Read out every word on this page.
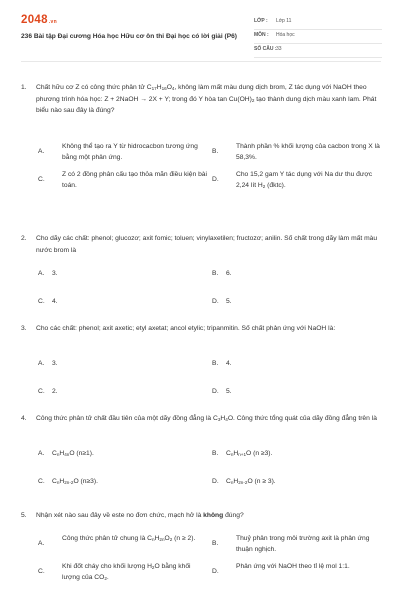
2048.vn
236 Bài tập Đại cương Hóa học Hữu cơ ôn thi Đại học có lời giải (P6)
LỚP : Lớp 11
MÔN : Hóa học
SỐ CÂU : 33
1. Chất hữu cơ Z có công thức phân tử $C_{17}H_{16}O_4$, không làm mất màu dung dịch brom, Z tác dụng với NaOH theo phương trình hóa học: Z + 2NaOH → 2X + Y; trong đó Y hòa $\tan Cu(OH)_2$ tạo thành dung dịch màu xanh lam. Phát biểu nào sau đây là đúng?
A.
Không thể tạo ra Y từ hidrocacbon tương ứng bằng một phản ứng.
B.
Thành phần % khối lượng của cacbon trong X là 58,3%.
C.
Z có 2 đồng phân cấu tạo thỏa mãn điều kiện bài toán.
D.
Cho 15,2 gam Y tác dụng với Na dư thu được 2,24 lít $H_2$ (đktc).
2. Cho dãy các chất: phenol; glucozơ; axit fomic; toluen; vinylaxetilen; fructozơ; anilin. Số chất trong dãy làm mất màu nước brom là
A. 3.	B. 6.
C. 4.	D. 5.
3. Cho các chất: phenol; axit axetic; etyl axetat; ancol etylic; tripanmitin. Số chất phản ứng với NaOH là:
A. 3.	B. 4.
C. 2.	D. 5.
4. Công thức phân tử chất đầu tiên của một dãy đồng đẳng là $C_3H_4O$. Công thức tổng quát của dãy đồng đẳng trên là
A. $C_nH_{4n}O$ (n≥1).	B. $C_nH_{n+1}O$ (n ≥3).
C. $C_nH_{2n-2}O$ (n≥3).	D. $C_nH_{2n-2}O$ (n ≥ 3).
5. Nhận xét nào sau đây về este no đơn chức, mạch hở là không đúng?
A.
Công thức phân tử chung là $C_nH_{2n}O_2$ (n ≥ 2).
B.
Thuỷ phân trong môi trường axit là phản ứng thuận nghịch.
C.
Khi đốt cháy cho khối lượng $H_2O$ bằng khối lượng của $CO_2$.
D.
Phản ứng với NaOH theo tỉ lệ mol 1:1.
